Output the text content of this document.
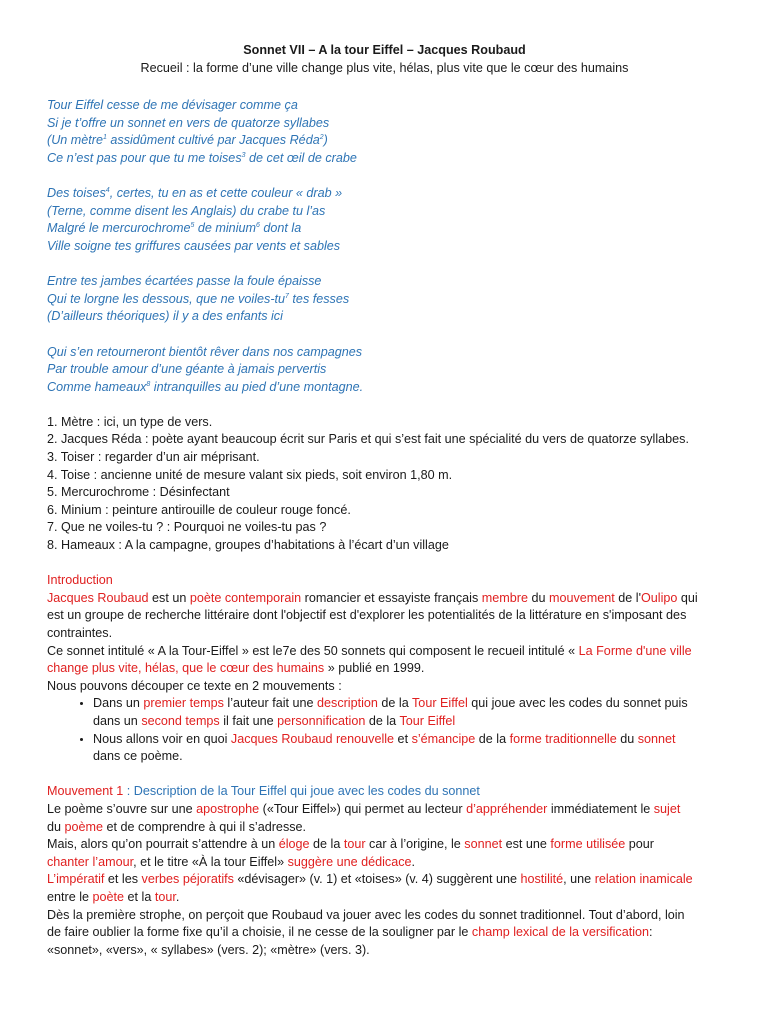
Sonnet VII – A la tour Eiffel – Jacques Roubaud

Recueil : la forme d’une ville change plus vite, hélas, plus vite que le cœur des humains

Tour Eiffel cesse de me dévisager comme ça
Si je t’offre un sonnet en vers de quatorze syllabes
(Un mètre$^1$ assidûment cultivé par Jacques Réda$^2$)
Ce n’est pas pour que tu me toises$^3$ de cet œil de crabe
Des toises$^4$, certes, tu en as et cette couleur « drab »
(Terne, comme disent les Anglais) du crabe tu l’as
Malgré le mercurochrome$^5$ de minium$^6$ dont la
Ville soigne tes griffures causées par vents et sables
Entre tes jambes écartées passe la foule épaisse
Qui te lorgne les dessous, que ne voiles-$tu^7$ tes fesses
(D’ailleurs théoriques) il y a des enfants ici
Qui s’en retourneront bientôt rêver dans nos campagnes
Par trouble amour d’une géante à jamais pervertis
Comme hameaux$^8$ intranquilles au pied d’une montagne.
1. Mètre : ici, un type de vers.
2. Jacques Réda : poète ayant beaucoup écrit sur Paris et qui s’est fait une spécialité du vers de quatorze syllabes.
3. Toiser : regarder d’un air méprisant.
4. Toise : ancienne unité de mesure valant six pieds, soit environ 1,80 m.
5. Mercurochrome : Désinfectant
6. Minium : peinture antirouille de couleur rouge foncé.
7. Que ne voiles-tu ? : Pourquoi ne voiles-tu pas ?
8. Hameaux : A la campagne, groupes d’habitations à l’écart d’un village
Introduction
Jacques Roubaud est un poète contemporain romancier et essayiste français membre du mouvement de l'Oulipo qui
est un groupe de recherche littéraire dont l'objectif est d'explorer les potentialités de la littérature en s'imposant des
contraintes.
Ce sonnet intitulé « A la Tour-Eiffel » est le7e des 50 sonnets qui composent le recueil intitulé « La Forme d'une ville
change plus vite, hélas, que le cœur des humains » publié en 1999.
Nous pouvons découper ce texte en 2 mouvements :
• Dans un premier temps l’auteur fait une description de la Tour Eiffel qui joue avec les codes du sonnet puis
dans un second temps il fait une personnification de la Tour Eiffel
• Nous allons voir en quoi Jacques Roubaud renouvelle et s’émancipe de la forme traditionnelle du sonnet
dans ce poème.
Mouvement 1 : Description de la Tour Eiffel qui joue avec les codes du sonnet
Le poème s’ouvre sur une apostrophe («Tour Eiffel») qui permet au lecteur d’appréhender immédiatement le sujet
du poème et de comprendre à qui il s’adresse.
Mais, alors qu’on pourrait s’attendre à un éloge de la tour car à l’origine, le sonnet est une forme utilisée pour
chanter l’amour, et le titre «À la tour Eiffel» suggère une dédicace.
L’impératif et les verbes péjoratifs «dévisager» (v. 1) et «toises» (v. 4) suggèrent une hostilité, une relation inamicale
entre le poète et la tour.
Dès la première strophe, on perçoit que Roubaud va jouer avec les codes du sonnet traditionnel. Tout d’abord, loin
de faire oublier la forme fixe qu’il a choisie, il ne cesse de la souligner par le champ lexical de la versification:
«sonnet», «vers», « syllabes» (vers. 2); «mètre» (vers. 3).
